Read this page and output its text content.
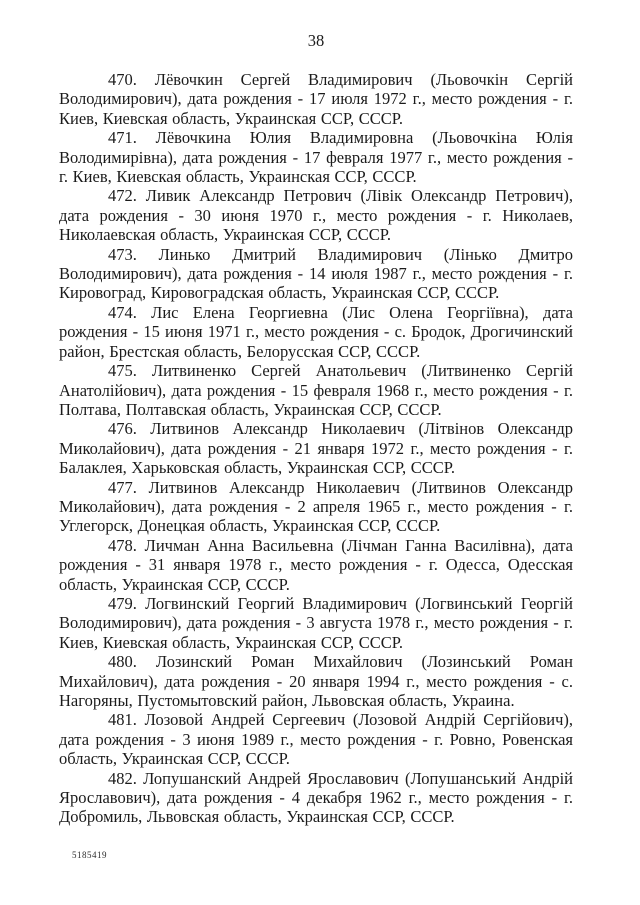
38

470. Лёвочкин Сергей Владимирович (Льовочкін Сергій Володимирович), дата рождения - 17 июля 1972 г., место рождения - г. Киев, Киевская область, Украинская ССР, СССР.

471. Лёвочкина Юлия Владимировна (Льовочкіна Юлія Володимирівна), дата рождения - 17 февраля 1977 г., место рождения - г. Киев, Киевская область, Украинская ССР, СССР.

472. Ливик Александр Петрович (Лівік Олександр Петрович), дата рождения - 30 июня 1970 г., место рождения - г. Николаев, Николаевская область, Украинская ССР, СССР.

473. Линько Дмитрий Владимирович (Лінько Дмитро Володимирович), дата рождения - 14 июля 1987 г., место рождения - г. Кировоград, Кировоградская область, Украинская ССР, СССР.

474. Лис Елена Георгиевна (Лис Олена Георгіївна), дата рождения - 15 июня 1971 г., место рождения - с. Бродок, Дрогичинский район, Брестская область, Белорусская ССР, СССР.

475. Литвиненко Сергей Анатольевич (Литвиненко Сергій Анатолійович), дата рождения - 15 февраля 1968 г., место рождения - г. Полтава, Полтавская область, Украинская ССР, СССР.

476. Литвинов Александр Николаевич (Літвінов Олександр Миколайович), дата рождения - 21 января 1972 г., место рождения - г. Балаклея, Харьковская область, Украинская ССР, СССР.

477. Литвинов Александр Николаевич (Литвинов Олександр Миколайович), дата рождения - 2 апреля 1965 г., место рождения - г. Углегорск, Донецкая область, Украинская ССР, СССР.

478. Личман Анна Васильевна (Лічман Ганна Василівна), дата рождения - 31 января 1978 г., место рождения - г. Одесса, Одесская область, Украинская ССР, СССР.

479. Логвинский Георгий Владимирович (Логвинський Георгій Володимирович), дата рождения - 3 августа 1978 г., место рождения - г. Киев, Киевская область, Украинская ССР, СССР.

480. Лозинский Роман Михайлович (Лозинський Роман Михайлович), дата рождения - 20 января 1994 г., место рождения - с. Нагоряны, Пустомытовский район, Львовская область, Украина.

481. Лозовой Андрей Сергеевич (Лозовой Андрій Сергійович), дата рождения - 3 июня 1989 г., место рождения - г. Ровно, Ровенская область, Украинская ССР, СССР.

482. Лопушанский Андрей Ярославович (Лопушанський Андрій Ярославович), дата рождения - 4 декабря 1962 г., место рождения - г. Добромиль, Львовская область, Украинская ССР, СССР.

5185419
